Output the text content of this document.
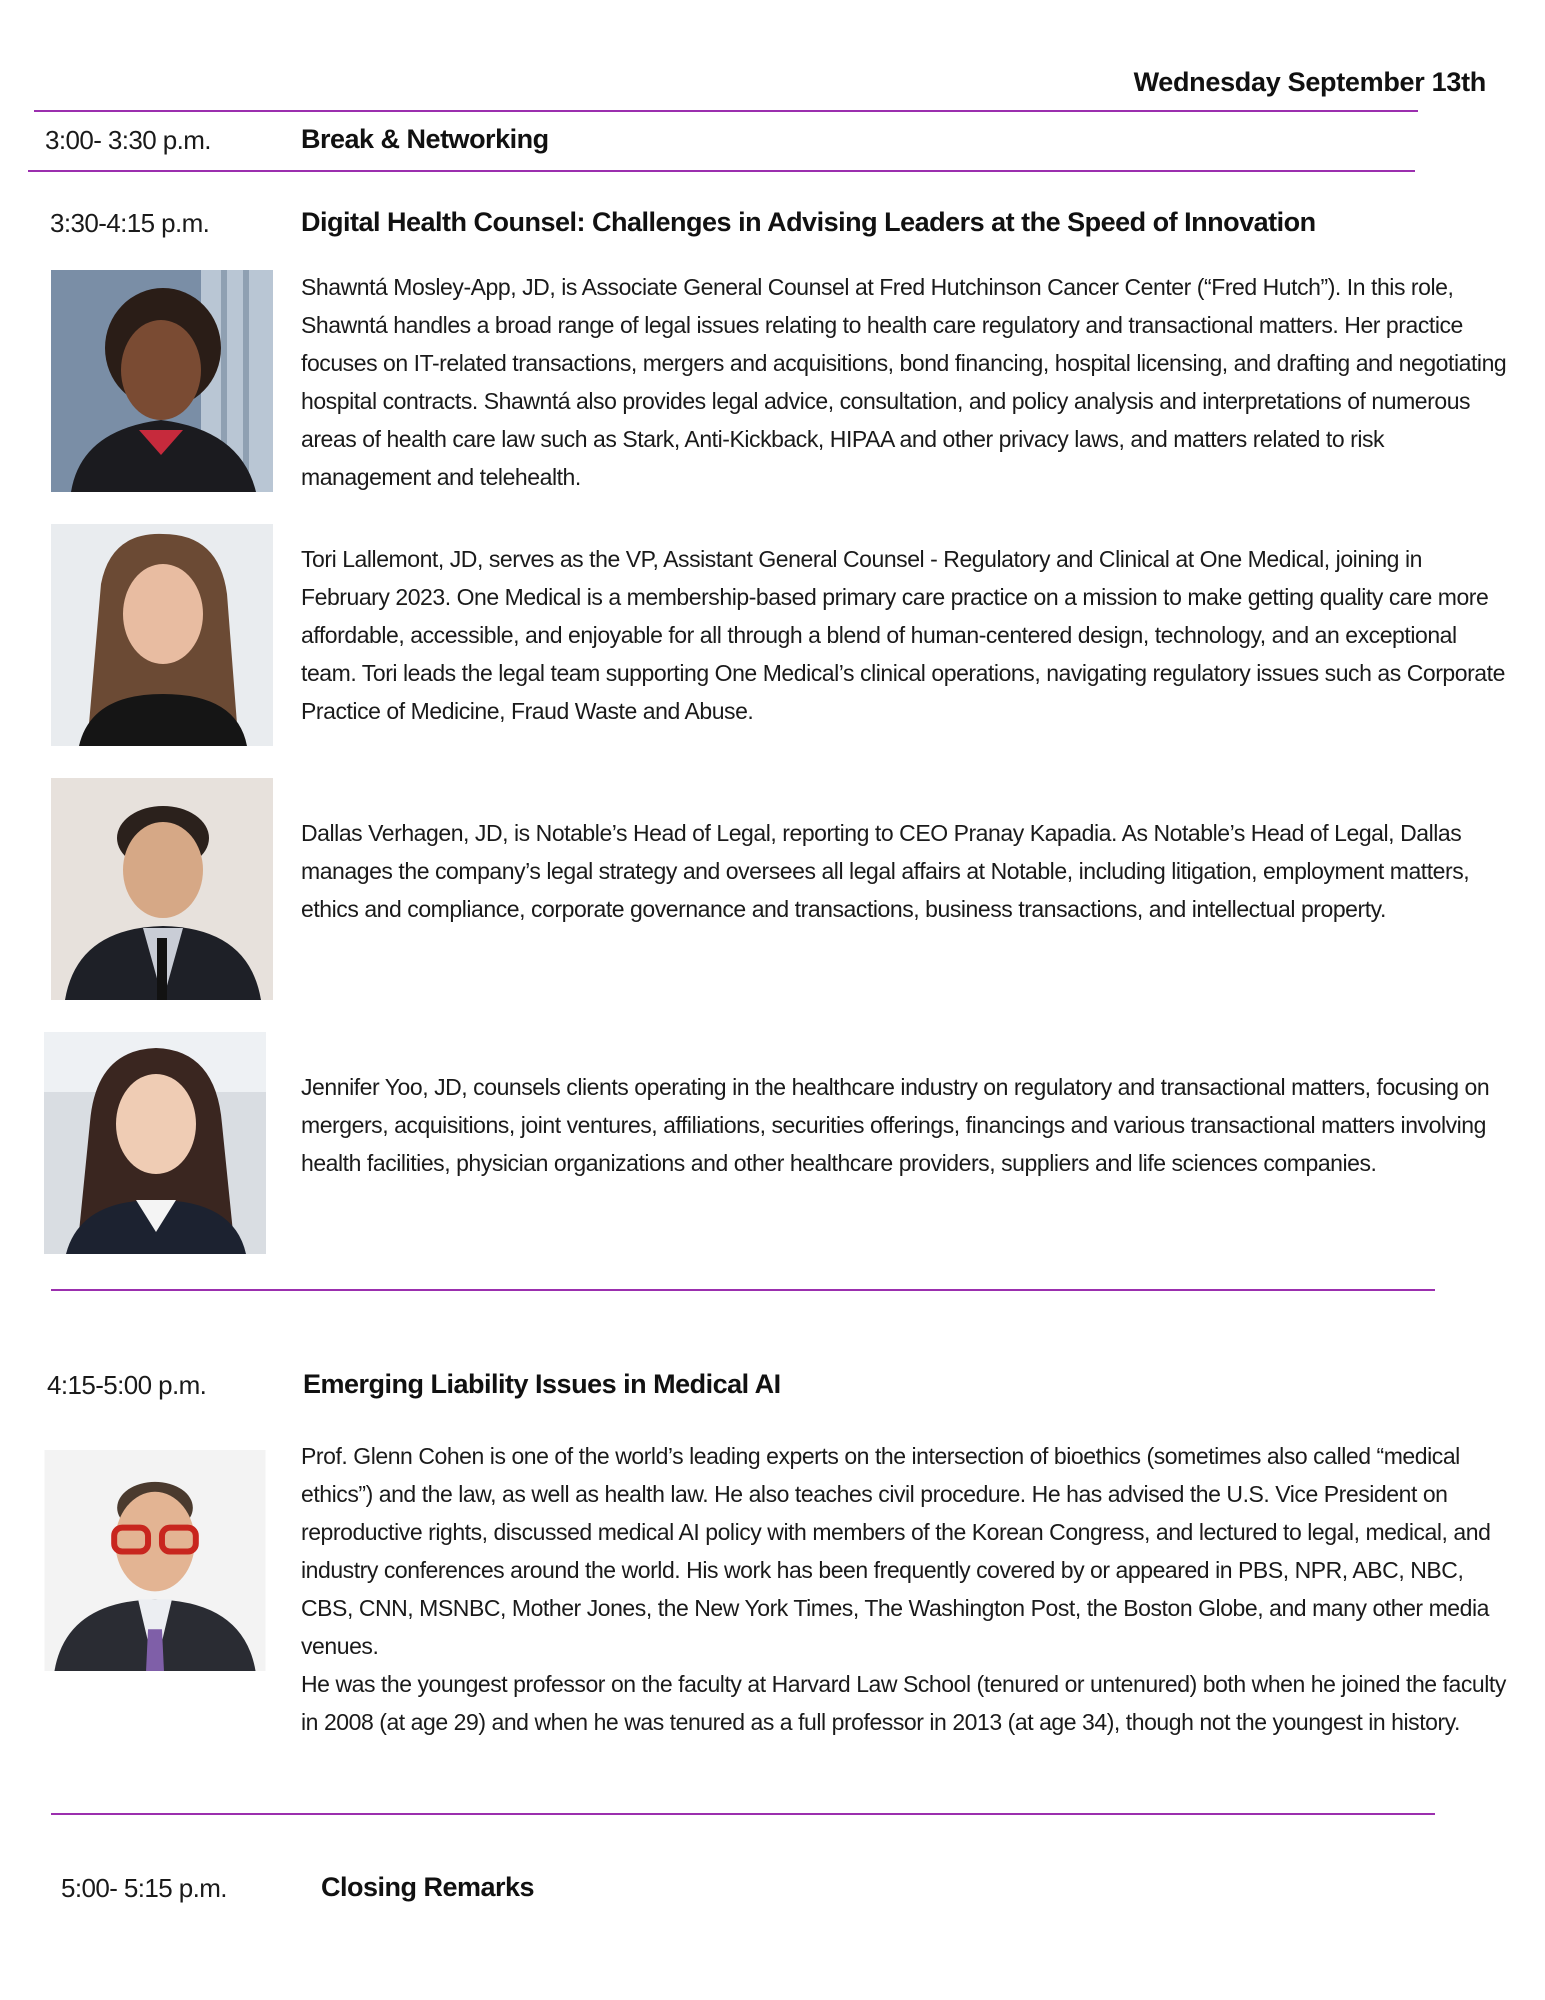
Wednesday September 13th
3:00- 3:30 p.m.	Break & Networking
3:30-4:15 p.m.	Digital Health Counsel: Challenges in Advising Leaders at the Speed of Innovation
Shawntá Mosley-App, JD, is Associate General Counsel at Fred Hutchinson Cancer Center (“Fred Hutch”). In this role, Shawntá handles a broad range of legal issues relating to health care regulatory and transactional matters. Her practice focuses on IT-related transactions, mergers and acquisitions, bond financing, hospital licensing, and drafting and negotiating hospital contracts. Shawntá also provides legal advice, consultation, and policy analysis and interpretations of numerous areas of health care law such as Stark, Anti-Kickback, HIPAA and other privacy laws, and matters related to risk management and telehealth.
Tori Lallemont, JD, serves as the VP, Assistant General Counsel - Regulatory and Clinical at One Medical, joining in February 2023. One Medical is a membership-based primary care practice on a mission to make getting quality care more affordable, accessible, and enjoyable for all through a blend of human-centered design, technology, and an exceptional team. Tori leads the legal team supporting One Medical’s clinical operations, navigating regulatory issues such as Corporate Practice of Medicine, Fraud Waste and Abuse.
Dallas Verhagen, JD, is Notable’s Head of Legal, reporting to CEO Pranay Kapadia. As Notable’s Head of Legal, Dallas manages the company’s legal strategy and oversees all legal affairs at Notable, including litigation, employment matters, ethics and compliance, corporate governance and transactions, business transactions, and intellectual property.
Jennifer Yoo, JD, counsels clients operating in the healthcare industry on regulatory and transactional matters, focusing on mergers, acquisitions, joint ventures, affiliations, securities offerings, financings and various transactional matters involving health facilities, physician organizations and other healthcare providers, suppliers and life sciences companies.
4:15-5:00 p.m.	Emerging Liability Issues in Medical AI
Prof. Glenn Cohen is one of the world’s leading experts on the intersection of bioethics (sometimes also called “medical ethics”) and the law, as well as health law. He also teaches civil procedure. He has advised the U.S. Vice President on reproductive rights, discussed medical AI policy with members of the Korean Congress, and lectured to legal, medical, and industry conferences around the world. His work has been frequently covered by or appeared in PBS, NPR, ABC, NBC, CBS, CNN, MSNBC, Mother Jones, the New York Times, The Washington Post, the Boston Globe, and many other media venues.
He was the youngest professor on the faculty at Harvard Law School (tenured or untenured) both when he joined the faculty in 2008 (at age 29) and when he was tenured as a full professor in 2013 (at age 34), though not the youngest in history.
5:00- 5:15 p.m.	Closing Remarks
